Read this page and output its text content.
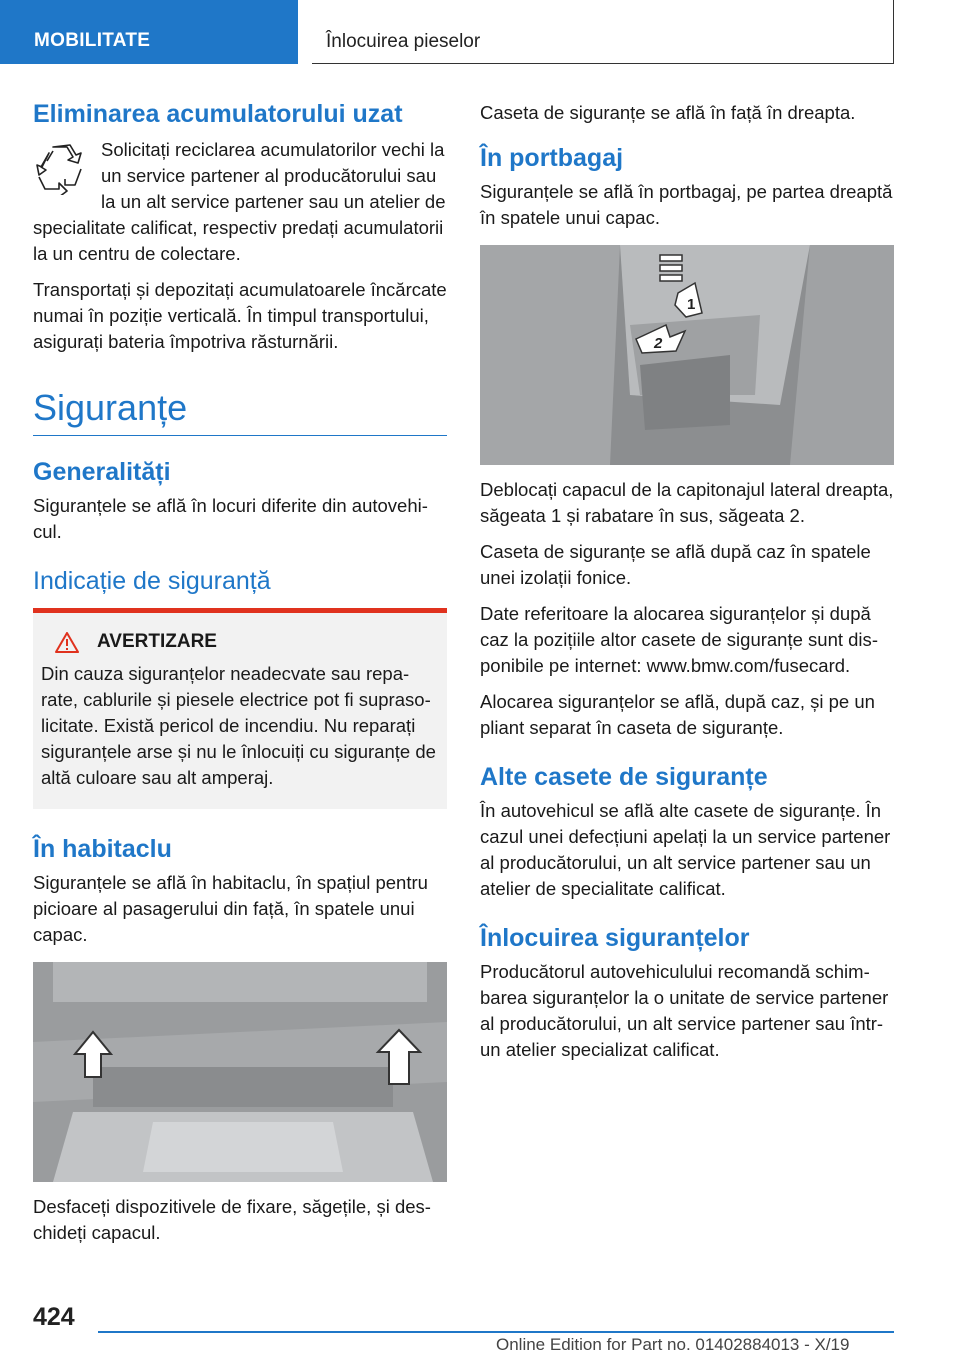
MOBILITATE	Înlocuirea pieselor
Eliminarea acumulatorului uzat

Solicitați reciclarea acumulatorilor vechi la un service partener al producătorului sau la un alt service partener sau un atelier de specialitate calificat, respectiv predați acumulatorii la un centru de colectare.

Transportați și depozitați acumulatoarele încărcate numai în poziție verticală. În timpul transportului, asigurați bateria împotriva răsturnării.

Siguranțe
Generalități

Siguranțele se află în locuri diferite din autovehicul.

Indicație de siguranță
AVERTIZARE

Din cauza siguranțelor neadecvate sau reparate, cablurile și piesele electrice pot fi suprasolicitate. Există pericol de incendiu. Nu reparați siguranțele arse și nu le înlocuiți cu siguranțe de altă culoare sau alt amperaj.

În habitaclu

Siguranțele se află în habitaclu, în spațiul pentru picioare al pasagerului din față, în spatele unui capac.

Desfaceți dispozitivele de fixare, săgețile, și deschideți capacul.

Caseta de siguranțe se află în față în dreapta.

În portbagaj

Siguranțele se află în portbagaj, pe partea dreaptă în spatele unui capac.

1
2

Deblocați capacul de la capitonajul lateral dreapta, săgeata 1 și rabatare în sus, săgeata 2.

Caseta de siguranțe se află după caz în spatele unei izolații fonice.

Date referitoare la alocarea siguranțelor și după caz la pozițiile altor casete de siguranțe sunt disponibile pe internet: www.bmw.com/fusecard.

Alocarea siguranțelor se află, după caz, și pe un pliant separat în caseta de siguranțe.

Alte casete de siguranțe

În autovehicul se află alte casete de siguranțe. În cazul unei defecțiuni apelați la un service partener al producătorului, un alt service partener sau un atelier de specialitate calificat.

Înlocuirea siguranțelor

Producătorul autovehiculului recomandă schimbarea siguranțelor la o unitate de service partener al producătorului, un alt service partener sau într-un atelier specializat calificat.

424
Online Edition for Part no. 01402884013 - X/19
